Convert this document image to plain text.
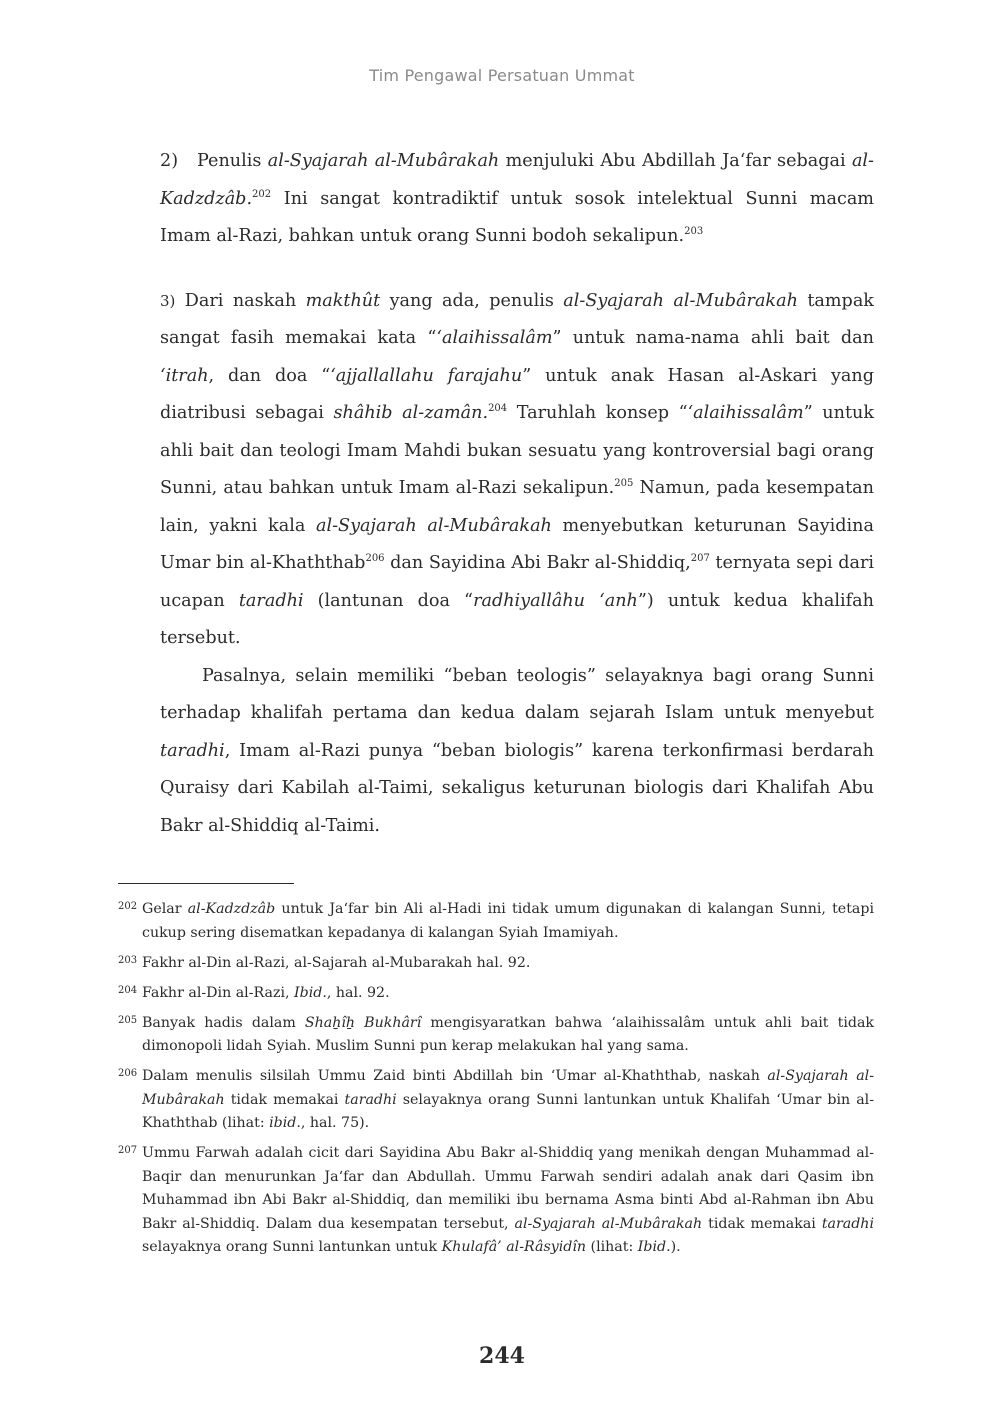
Tim Pengawal Persatuan Ummat

2) Penulis al-Syajarah al-Mubârakah menjuluki Abu Abdillah Ja‘far sebagai al-Kadzdzâb.$^{202}$ Ini sangat kontradiktif untuk sosok intelektual Sunni macam Imam al-Razi, bahkan untuk orang Sunni bodoh sekalipun.$^{203}$

3) Dari naskah makthût yang ada, penulis al-Syajarah al-Mubârakah tampak sangat fasih memakai kata “‘alaihissalâm” untuk nama-nama ahli bait dan ‘itrah, dan doa “‘ajjallallahu farajahu” untuk anak Hasan al-Askari yang diatribusi sebagai shâhib al-zamân.$^{204}$ Taruhlah konsep “‘alaihissalâm” untuk ahli bait dan teologi Imam Mahdi bukan sesuatu yang kontroversial bagi orang Sunni, atau bahkan untuk Imam al-Razi sekalipun.$^{205}$ Namun, pada kesempatan lain, yakni kala al-Syajarah al-Mubârakah menyebutkan keturunan Sayidina Umar bin al-Khaththab$^{206}$ dan Sayidina Abi Bakr al-Shiddiq,$^{207}$ ternyata sepi dari ucapan taradhi (lantunan doa “radhiyallâhu ‘anh”) untuk kedua khalifah tersebut.

Pasalnya, selain memiliki “beban teologis” selayaknya bagi orang Sunni terhadap khalifah pertama dan kedua dalam sejarah Islam untuk menyebut taradhi, Imam al-Razi punya “beban biologis” karena terkonfirmasi berdarah Quraisy dari Kabilah al-Taimi, sekaligus keturunan biologis dari Khalifah Abu Bakr al-Shiddiq al-Taimi.

202 Gelar al-Kadzdzâb untuk Ja‘far bin Ali al-Hadi ini tidak umum digunakan di kalangan Sunni, tetapi cukup sering disematkan kepadanya di kalangan Syiah Imamiyah.
203 Fakhr al-Din al-Razi, al-Sajarah al-Mubarakah hal. 92.
204 Fakhr al-Din al-Razi, Ibid., hal. 92.
205 Banyak hadis dalam Shaẖîẖ Bukhârî mengisyaratkan bahwa ‘alaihissalâm untuk ahli bait tidak dimonopoli lidah Syiah. Muslim Sunni pun kerap melakukan hal yang sama.
206 Dalam menulis silsilah Ummu Zaid binti Abdillah bin ‘Umar al-Khaththab, naskah al-Syajarah al-Mubârakah tidak memakai taradhi selayaknya orang Sunni lantunkan untuk Khalifah ‘Umar bin al-Khaththab (lihat: ibid., hal. 75).
207 Ummu Farwah adalah cicit dari Sayidina Abu Bakr al-Shiddiq yang menikah dengan Muhammad al-Baqir dan menurunkan Ja‘far dan Abdullah. Ummu Farwah sendiri adalah anak dari Qasim ibn Muhammad ibn Abi Bakr al-Shiddiq, dan memiliki ibu bernama Asma binti Abd al-Rahman ibn Abu Bakr al-Shiddiq. Dalam dua kesempatan tersebut, al-Syajarah al-Mubârakah tidak memakai taradhi selayaknya orang Sunni lantunkan untuk Khulafâ’ al-Râsyidîn (lihat: Ibid.).
244
